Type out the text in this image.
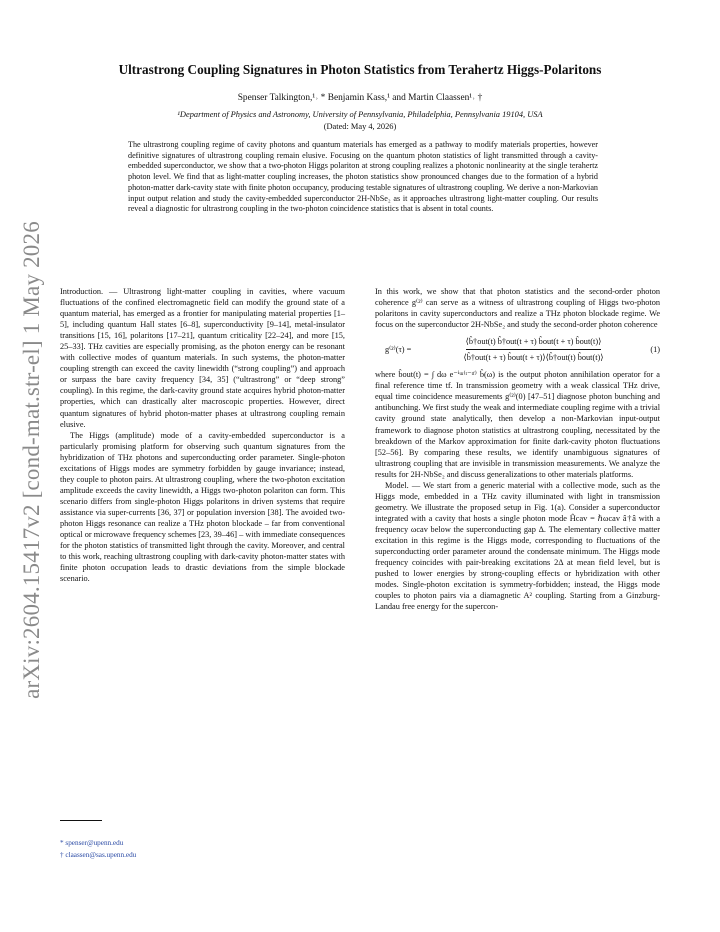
arXiv:2604.15417v2 [cond-mat.str-el] 1 May 2026
Ultrastrong Coupling Signatures in Photon Statistics from Terahertz Higgs-Polaritons
Spenser Talkington,¹˒ * Benjamin Kass,¹ and Martin Claassen¹˒ †
¹Department of Physics and Astronomy, University of Pennsylvania, Philadelphia, Pennsylvania 19104, USA
(Dated: May 4, 2026)
The ultrastrong coupling regime of cavity photons and quantum materials has emerged as a pathway to modify materials properties, however definitive signatures of ultrastrong coupling remain elusive. Focusing on the quantum photon statistics of light transmitted through a cavity-embedded superconductor, we show that a two-photon Higgs polariton at strong coupling realizes a photonic nonlinearity at the single terahertz photon level. We find that as light-matter coupling increases, the photon statistics show pronounced changes due to the formation of a hybrid photon-matter dark-cavity state with finite photon occupancy, producing testable signatures of ultrastrong coupling. We derive a non-Markovian input output relation and study the cavity-embedded superconductor 2H-NbSe₂ as it approaches ultrastrong light-matter coupling. Our results reveal a diagnostic for ultrastrong coupling in the two-photon coincidence statistics that is absent in total counts.

Introduction. — Ultrastrong light-matter coupling in cavities, where vacuum fluctuations of the confined electromagnetic field can modify the ground state of a quantum material, has emerged as a frontier for manipulating material properties [1–5], including quantum Hall states [6–8], superconductivity [9–14], metal-insulator transitions [15, 16], polaritons [17–21], quantum criticality [22–24], and more [15, 25–33]. THz cavities are especially promising, as the photon energy can be resonant with collective modes of quantum materials. In such systems, the photon-matter coupling strength can exceed the cavity linewidth (“strong coupling”) and approach or surpass the bare cavity frequency [34, 35] (“ultrastrong” or “deep strong” coupling). In this regime, the dark-cavity ground state acquires hybrid photon-matter properties, which can drastically alter macroscopic properties. However, direct quantum signatures of hybrid photon-matter phases at ultrastrong coupling remain elusive.

The Higgs (amplitude) mode of a cavity-embedded superconductor is a particularly promising platform for observing such quantum signatures from the hybridization of THz photons and superconducting order parameter. Single-photon excitations of Higgs modes are symmetry forbidden by gauge invariance; instead, they couple to photon pairs. At ultrastrong coupling, where the two-photon excitation amplitude exceeds the cavity linewidth, a Higgs two-photon polariton can form. This scenario differs from single-photon Higgs polaritons in driven systems that require assistance via super-currents [36, 37] or population inversion [38]. The avoided two-photon Higgs resonance can realize a THz photon blockade – far from conventional optical or microwave frequency schemes [23, 39–46] – with immediate consequences for the photon statistics of transmitted light through the cavity. Moreover, and central to this work, reaching ultrastrong coupling with dark-cavity photon-matter states with finite photon occupation leads to drastic deviations from the simple blockade scenario.

In this work, we show that that photon statistics and the second-order photon coherence g⁽²⁾ can serve as a witness of ultrastrong coupling of Higgs two-photon polaritons in cavity superconductors and realize a THz photon blockade regime. We focus on the superconductor 2H-NbSe₂ and study the second-order photon coherence

g⁽²⁾(τ) =	$\frac{\text{⟨b̂†out(t) b̂†out(t + τ) b̂out(t + τ) b̂out(t)⟩}}{\text{⟨b̂†out(t + τ) b̂out(t + τ)⟩⟨b̂†out(t) b̂out(t)⟩}}$	(1)

where b̂out(t) = ∫ dω e⁻ⁱᵚ⁽ᵗ⁻ᵗᶠ⁾ b̂(ω) is the output photon annihilation operator for a final reference time tf. In transmission geometry with a weak classical THz drive, equal time coincidence measurements g⁽²⁾(0) [47–51] diagnose photon bunching and antibunching. We first study the weak and intermediate coupling regime with a trivial cavity ground state analytically, then develop a non-Markovian input-output framework to diagnose photon statistics at ultrastrong coupling, necessitated by the breakdown of the Markov approximation for finite dark-cavity photon fluctuations [52–56]. By comparing these results, we identify unambiguous signatures of ultrastrong coupling that are invisible in transmission measurements. We analyze the results for 2H-NbSe₂ and discuss generalizations to other materials platforms.

Model. — We start from a generic material with a collective mode, such as the Higgs mode, embedded in a THz cavity illuminated with light in transmission geometry. We illustrate the proposed setup in Fig. 1(a). Consider a superconductor integrated with a cavity that hosts a single photon mode Ĥcav = ℏωcav â†â with a frequency ωcav below the superconducting gap Δ. The elementary collective matter excitation in this regime is the Higgs mode, corresponding to fluctuations of the superconducting order parameter around the condensate minimum. The Higgs mode frequency coincides with pair-breaking excitations 2Δ at mean field level, but is pushed to lower energies by strong-coupling effects or hybridization with other modes. Single-photon excitation is symmetry-forbidden; instead, the Higgs mode couples to photon pairs via a diamagnetic A² coupling. Starting from a Ginzburg-Landau free energy for the supercon-

* spenser@upenn.edu
† claassen@sas.upenn.edu
